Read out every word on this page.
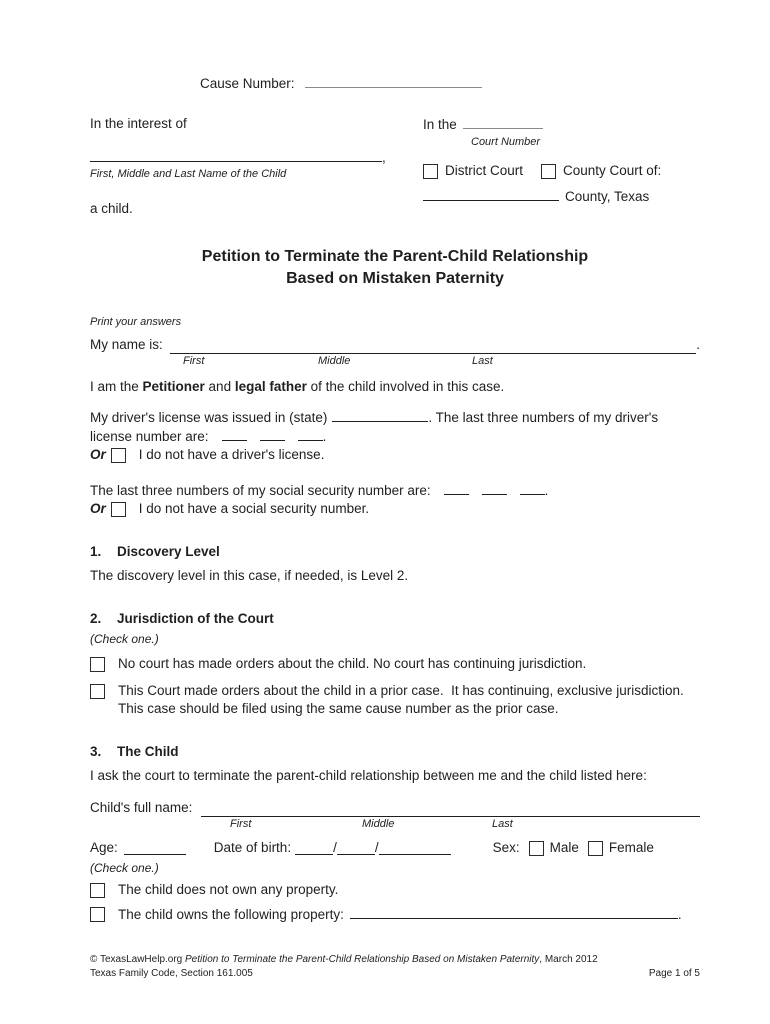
Cause Number:
In the interest of
,
First, Middle and Last Name of the Child
a child.
In the
Court Number
District Court	County Court of:
County, Texas
Petition to Terminate the Parent-Child Relationship
Based on Mistaken Paternity
Print your answers
My name is:	.
First	Middle	Last
I am the Petitioner and legal father of the child involved in this case.
My driver's license was issued in (state)	. The last three numbers of my driver's
license number are:	.
Or I do not have a driver's license.
The last three numbers of my social security number are:	.
Or I do not have a social security number.
1. Discovery Level
The discovery level in this case, if needed, is Level 2.
2. Jurisdiction of the Court
(Check one.)
No court has made orders about the child. No court has continuing jurisdiction.
This Court made orders about the child in a prior case.  It has continuing, exclusive jurisdiction.
This case should be filed using the same cause number as the prior case.
3. The Child
I ask the court to terminate the parent-child relationship between me and the child listed here:
Child's full name:
First	Middle	Last
Age:	Date of birth:	/	/	Sex: Male Female
(Check one.)
The child does not own any property.
The child owns the following property:	.
© TexasLawHelp.org Petition to Terminate the Parent-Child Relationship Based on Mistaken Paternity, March 2012
Texas Family Code, Section 161.005	Page 1 of 5
